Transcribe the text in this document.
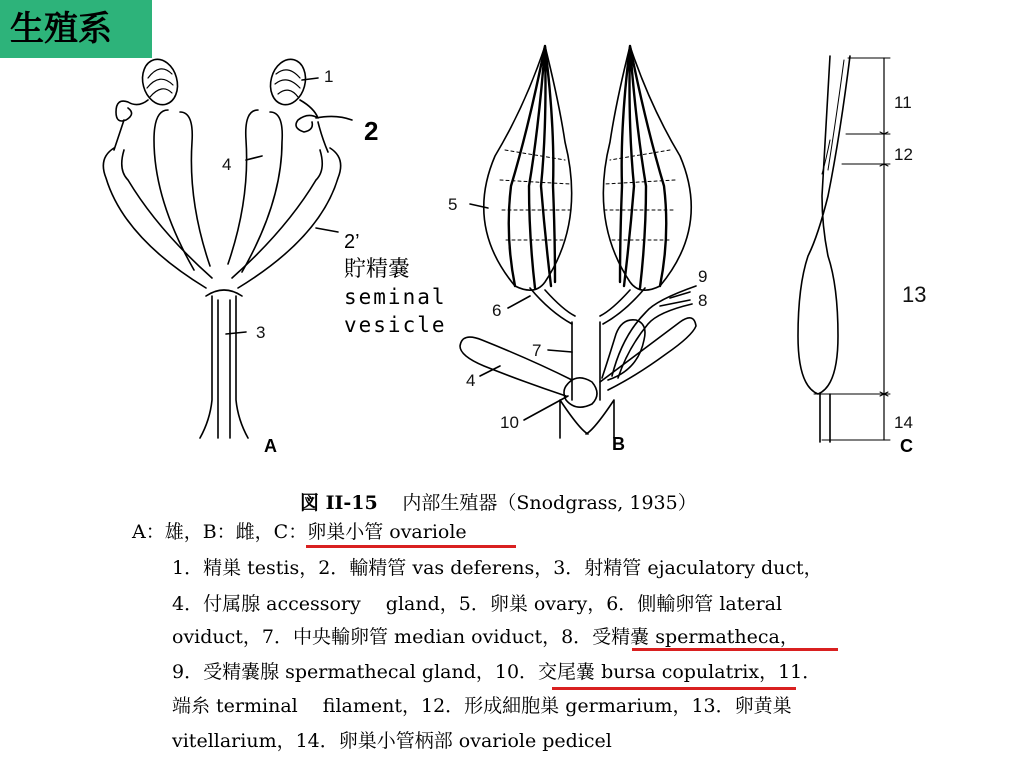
生殖系
1
2
4
2’
貯精嚢
seminal
vesicle
3
A
5
6
7
4
9
8
10
B
11
12
13
14
C
図 II-15 内部生殖器（Snodgrass, 1935）
A：雄，B：雌，C：卵巣小管 ovariole
1．精巣 testis，2．輸精管 vas deferens，3．射精管 ejaculatory duct，
4．付属腺 accessory　 gland，5．卵巣 ovary，6．側輸卵管 lateral
oviduct，7．中央輸卵管 median oviduct，8．受精嚢 spermatheca，
9．受精嚢腺 spermathecal gland，10．交尾嚢 bursa copulatrix，11．
端糸 terminal　 filament，12．形成細胞巣 germarium，13．卵黄巣
vitellarium，14．卵巣小管柄部 ovariole pedicel
